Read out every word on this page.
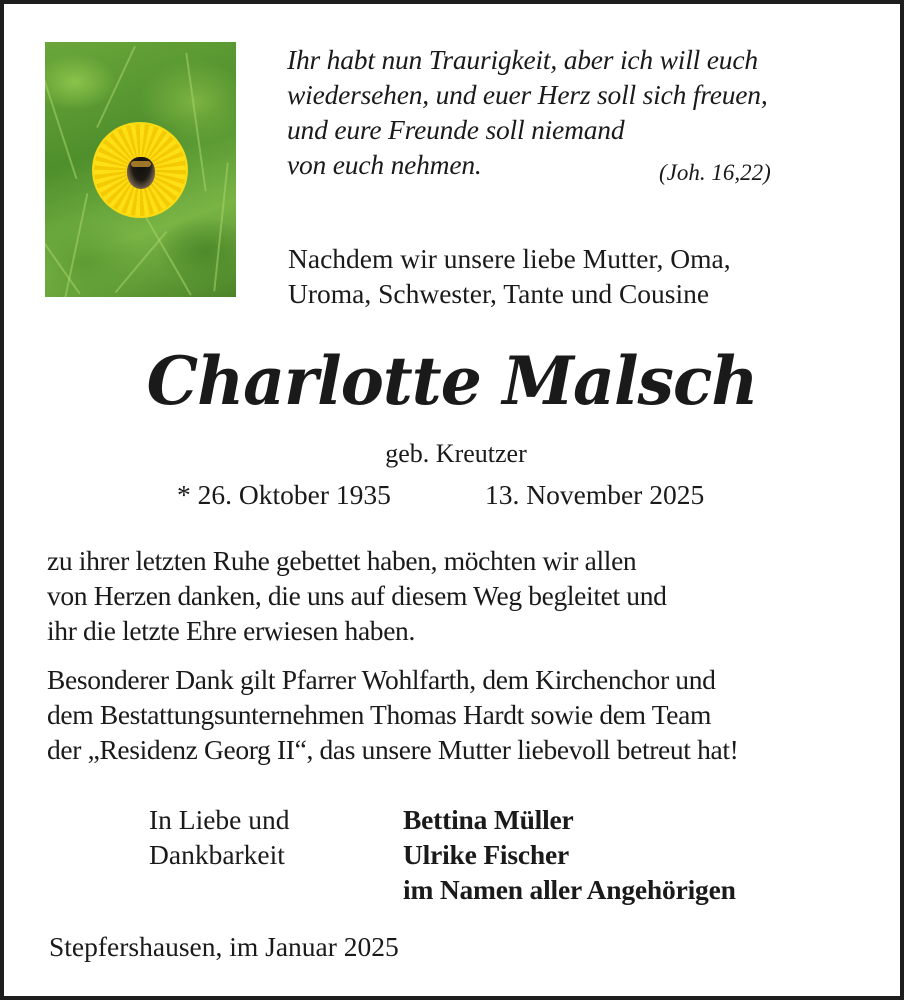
Ihr habt nun Traurigkeit, aber ich will euch
wiedersehen, und euer Herz soll sich freuen,
und eure Freunde soll niemand
von euch nehmen.	(Joh. 16,22)
Nachdem wir unsere liebe Mutter, Oma,
Uroma, Schwester, Tante und Cousine
Charlotte Malsch
geb. Kreutzer
* 26. Oktober 1935	13. November 2025
zu ihrer letzten Ruhe gebettet haben, möchten wir allen
von Herzen danken, die uns auf diesem Weg begleitet und
ihr die letzte Ehre erwiesen haben.
Besonderer Dank gilt Pfarrer Wohlfarth, dem Kirchenchor und
dem Bestattungsunternehmen Thomas Hardt sowie dem Team
der „Residenz Georg II“, das unsere Mutter liebevoll betreut hat!
In Liebe und
Dankbarkeit
Bettina Müller
Ulrike Fischer
im Namen aller Angehörigen
Stepfershausen, im Januar 2025
